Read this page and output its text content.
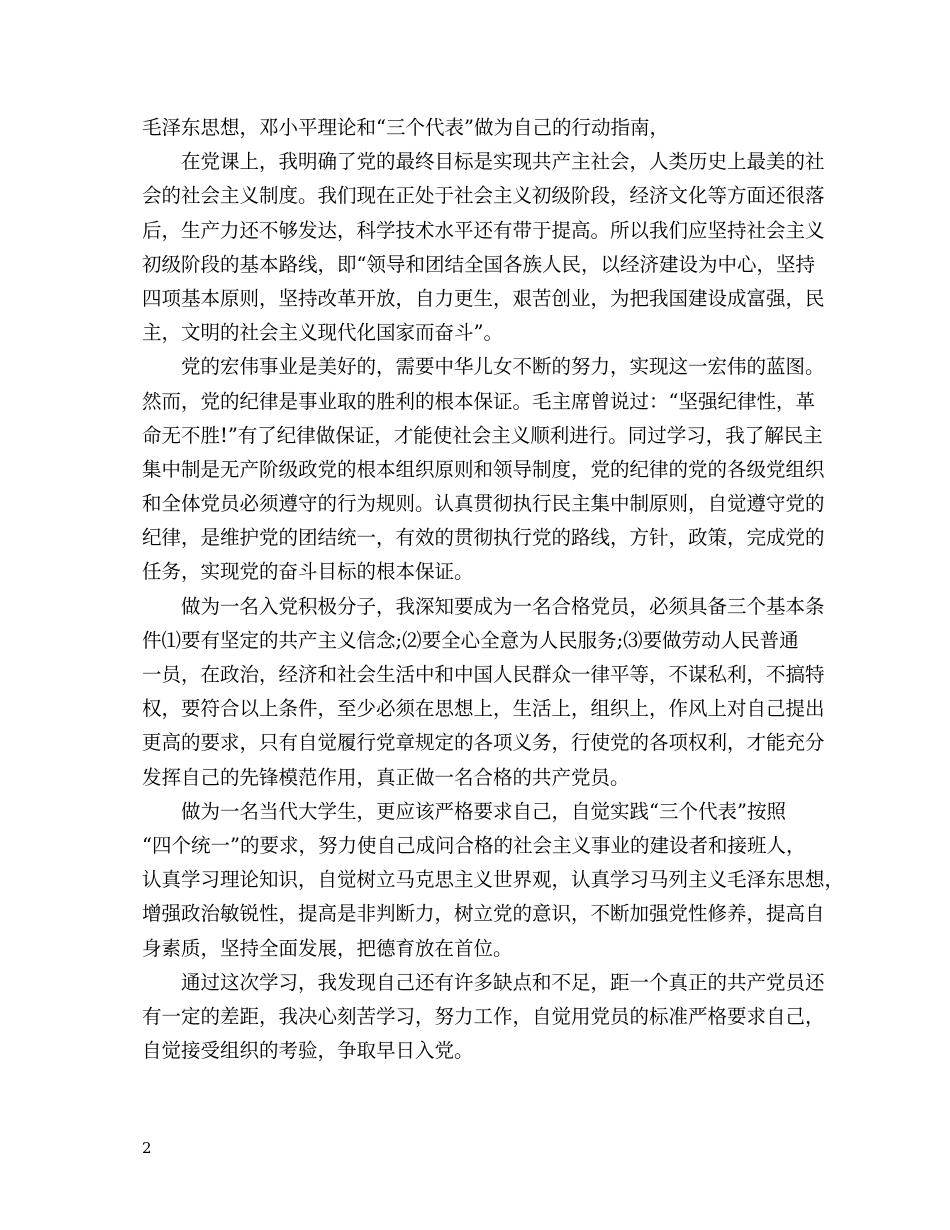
毛泽东思想，邓小平理论和“三个代表”做为自己的行动指南，
在党课上，我明确了党的最终目标是实现共产主社会，人类历史上最美的社
会的社会主义制度。我们现在正处于社会主义初级阶段，经济文化等方面还很落
后，生产力还不够发达，科学技术水平还有带于提高。所以我们应坚持社会主义
初级阶段的基本路线，即“领导和团结全国各族人民，以经济建设为中心，坚持
四项基本原则，坚持改革开放，自力更生，艰苦创业，为把我国建设成富强，民
主，文明的社会主义现代化国家而奋斗”。
党的宏伟事业是美好的，需要中华儿女不断的努力，实现这一宏伟的蓝图。
然而，党的纪律是事业取的胜利的根本保证。毛主席曾说过：“坚强纪律性，革
命无不胜!”有了纪律做保证，才能使社会主义顺利进行。同过学习，我了解民主
集中制是无产阶级政党的根本组织原则和领导制度，党的纪律的党的各级党组织
和全体党员必须遵守的行为规则。认真贯彻执行民主集中制原则，自觉遵守党的
纪律，是维护党的团结统一，有效的贯彻执行党的路线，方针，政策，完成党的
任务，实现党的奋斗目标的根本保证。
做为一名入党积极分子，我深知要成为一名合格党员，必须具备三个基本条
件⑴要有坚定的共产主义信念;⑵要全心全意为人民服务;⑶要做劳动人民普通
一员，在政治，经济和社会生活中和中国人民群众一律平等，不谋私利，不搞特
权，要符合以上条件，至少必须在思想上，生活上，组织上，作风上对自己提出
更高的要求，只有自觉履行党章规定的各项义务，行使党的各项权利，才能充分
发挥自己的先锋模范作用，真正做一名合格的共产党员。
做为一名当代大学生，更应该严格要求自己，自觉实践“三个代表”按照
“四个统一”的要求，努力使自己成问合格的社会主义事业的建设者和接班人，
认真学习理论知识，自觉树立马克思主义世界观，认真学习马列主义毛泽东思想，
增强政治敏锐性，提高是非判断力，树立党的意识，不断加强党性修养，提高自
身素质，坚持全面发展，把德育放在首位。
通过这次学习，我发现自己还有许多缺点和不足，距一个真正的共产党员还
有一定的差距，我决心刻苦学习，努力工作，自觉用党员的标准严格要求自己，
自觉接受组织的考验，争取早日入党。
2
